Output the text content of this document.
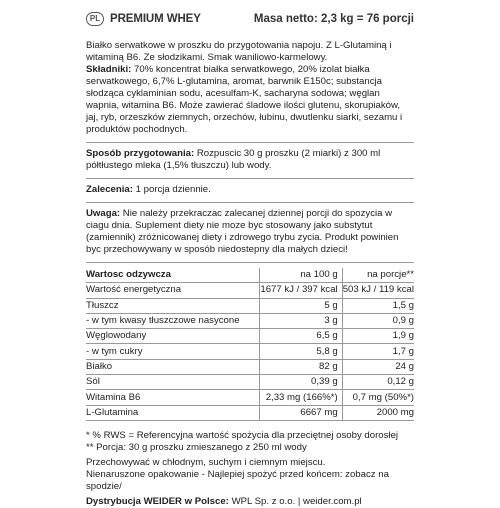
PL PREMIUM WHEY	Masa netto: 2,3 kg = 76 porcji

Białko serwatkowe w proszku do przygotowania napoju. Z L-Glutaminą i witaminą B6. Ze słodzikami. Smak waniliowo-karmelowy.

Składniki: 70% koncentrat białka serwatkowego, 20% izolat białka serwatkowego, 6,7% L-glutamina, aromat, barwnik E150c; substancja słodząca cyklaminian sodu, acesulfam-K, sacharyna sodowa; węglan wapnia, witamina B6. Może zawierać śladowe ilości glutenu, skorupiaków, jaj, ryb, orzeszków ziemnych, orzechów, łubinu, dwutlenku siarki, sezamu i produktów pochodnych.

Sposób przygotowania: Rozpuscic 30 g proszku (2 miarki) z 300 ml półtłustego mleka (1,5% tłuszczu) lub wody.

Zalecenia: 1 porcja dziennie.

Uwaga: Nie należy przekraczac zalecanej dziennej porcji do spozycia w ciagu dnia. Suplement diety nie moze byc stosowany jako substytut (zamiennik) zróżnicowanej diety i zdrowego trybu zycia. Produkt powinien byc przechowywany w sposób niedostepny dla małych dzieci!

Wartosc odzywcza	na 100 g	na porcje**
Wartość energetyczna	1677 kJ / 397 kcal	503 kJ / 119 kcal
Tłuszcz	5 g	1,5 g
- w tym kwasy tłuszczowe nasycone	3 g	0,9 g
Węglowodany	6,5 g	1,9 g
- w tym cukry	5,8 g	1,7 g
Białko	82 g	24 g
Sól	0,39 g	0,12 g
Witamina B6	2,33 mg (166%*)	0,7 mg (50%*)
L-Glutamina	6667 mg	2000 mg

* % RWS = Referencyjna wartość spożycia dla przeciętnej osoby dorosłej

** Porcja: 30 g proszku zmieszanego z 250 ml wody

Przechowywać w chłodnym, suchym i ciemnym miejscu.

Nienaruszone opakowanie - Najlepiej spożyć przed końcem: zobacz na spodzie/

Dystrybucja WEIDER w Polsce: WPL Sp. z o.o. | weider.com.pl
